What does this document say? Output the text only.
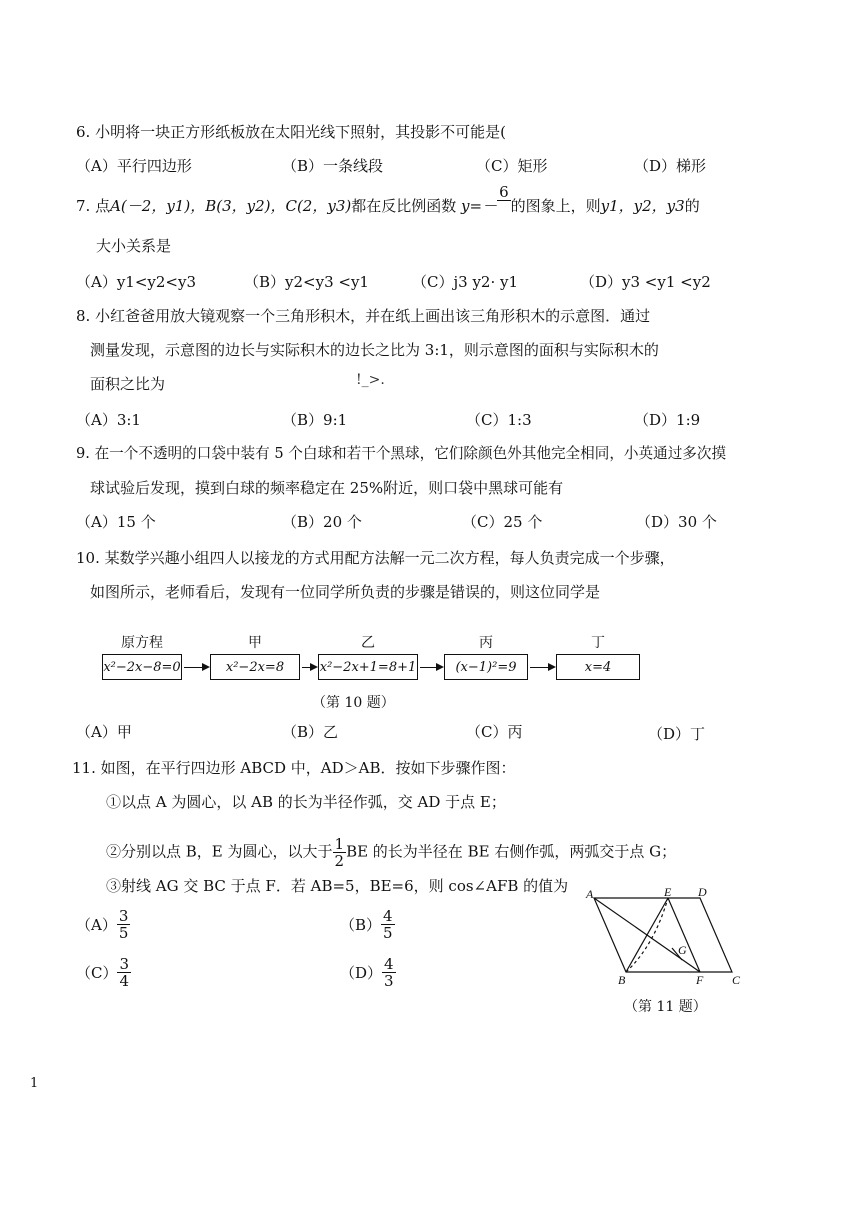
6. 小明将一块正方形纸板放在太阳光线下照射，其投影不可能是(
（A）平行四边形	（B）一条线段	（C）矩形	（D）梯形
7. 点A(－2，y1)，B(3，y2)，C(2，y3)都在反比例函数 y=－
6

的图象上，则y1，y2，y3的
大小关系是
（A）y1<y2<y3	（B）y2<y3 <y1	（C）j3 y2· y1	（D）y3 <y1 <y2
8. 小红爸爸用放大镜观察一个三角形积木，并在纸上画出该三角形积木的示意图．通过
测量发现，示意图的边长与实际积木的边长之比为 3:1，则示意图的面积与实际积木的
面积之比为	!_>.
（A）3:1	（B）9:1	（C）1:3	（D）1:9
9. 在一个不透明的口袋中装有 5 个白球和若干个黑球，它们除颜色外其他完全相同，小英通过多次摸
球试验后发现，摸到白球的频率稳定在 25%附近，则口袋中黑球可能有
（A）15 个	（B）20 个	（C）25 个	（D）30 个
10. 某数学兴趣小组四人以接龙的方式用配方法解一元二次方程，每人负责完成一个步骤，
如图所示，老师看后，发现有一位同学所负责的步骤是错误的，则这位同学是
原方程	甲	乙	丙	丁
x²−2x−8=0	x²−2x=8	x²−2x+1=8+1	(x−1)²=9	x=4
（第 10 题）
（A）甲	（B）乙	（C）丙	（D）丁
11. 如图，在平行四边形 ABCD 中，AD＞AB．按如下步骤作图：
①以点 A 为圆心，以 AB 的长为半径作弧，交 AD 于点 E；
②分别以点 B，E 为圆心，以大于 $\frac{1}{2}$ BE 的长为半径在 BE 右侧作弧，两弧交于点 G；
③射线 AG 交 BC 于点 F．若 AB=5，BE=6，则 cos∠AFB 的值为
$(A) \frac{3}{5}$	$(B) \frac{4}{5}$
$(C) \frac{3}{4}$	$(D) \frac{4}{3}$
A	E D
G
B	F C
（第 11 题）
1
